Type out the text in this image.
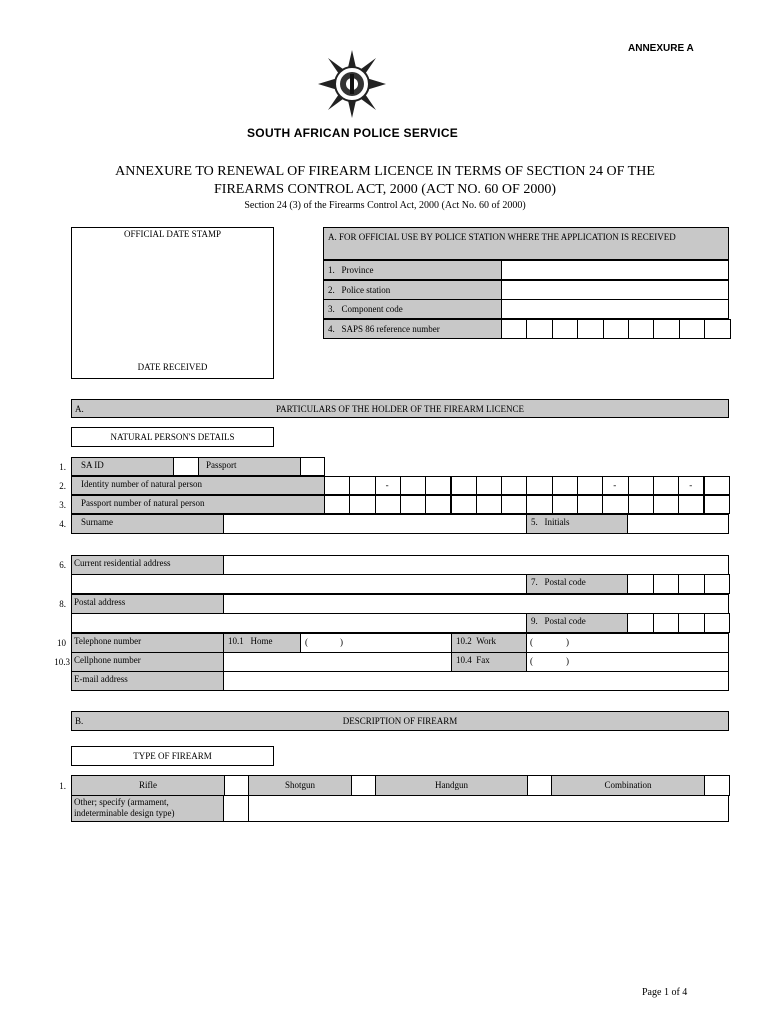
ANNEXURE A
SOUTH AFRICAN POLICE SERVICE
ANNEXURE TO RENEWAL OF FIREARM LICENCE IN TERMS OF SECTION 24 OF THE
FIREARMS CONTROL ACT, 2000 (ACT NO. 60 OF 2000)
Section 24 (3) of the Firearms Control Act, 2000 (Act No. 60 of 2000)
OFFICIAL DATE STAMP
DATE RECEIVED
A. FOR OFFICIAL USE BY POLICE STATION WHERE THE APPLICATION IS RECEIVED
1. Province
2. Police station
3. Component code
4. SAPS 86 reference number
A.	PARTICULARS OF THE HOLDER OF THE FIREARM LICENCE
NATURAL PERSON'S DETAILS
1.	SA ID	Passport
2.	Identity number of natural person	-	-	-
3.	Passport number of natural person
4.	Surname	5. Initials
6. Current residential address
7. Postal code
8. Postal address
9. Postal code
10 Telephone number	10.1 Home	(	)	10.2 Work	(	)
10.3 Cellphone number	10.4 Fax	(	)
E-mail address
B.	DESCRIPTION OF FIREARM
TYPE OF FIREARM
1.	Rifle	Shotgun	Handgun	Combination
Other; specify (armament,
indeterminable design type)
Page 1 of 4
